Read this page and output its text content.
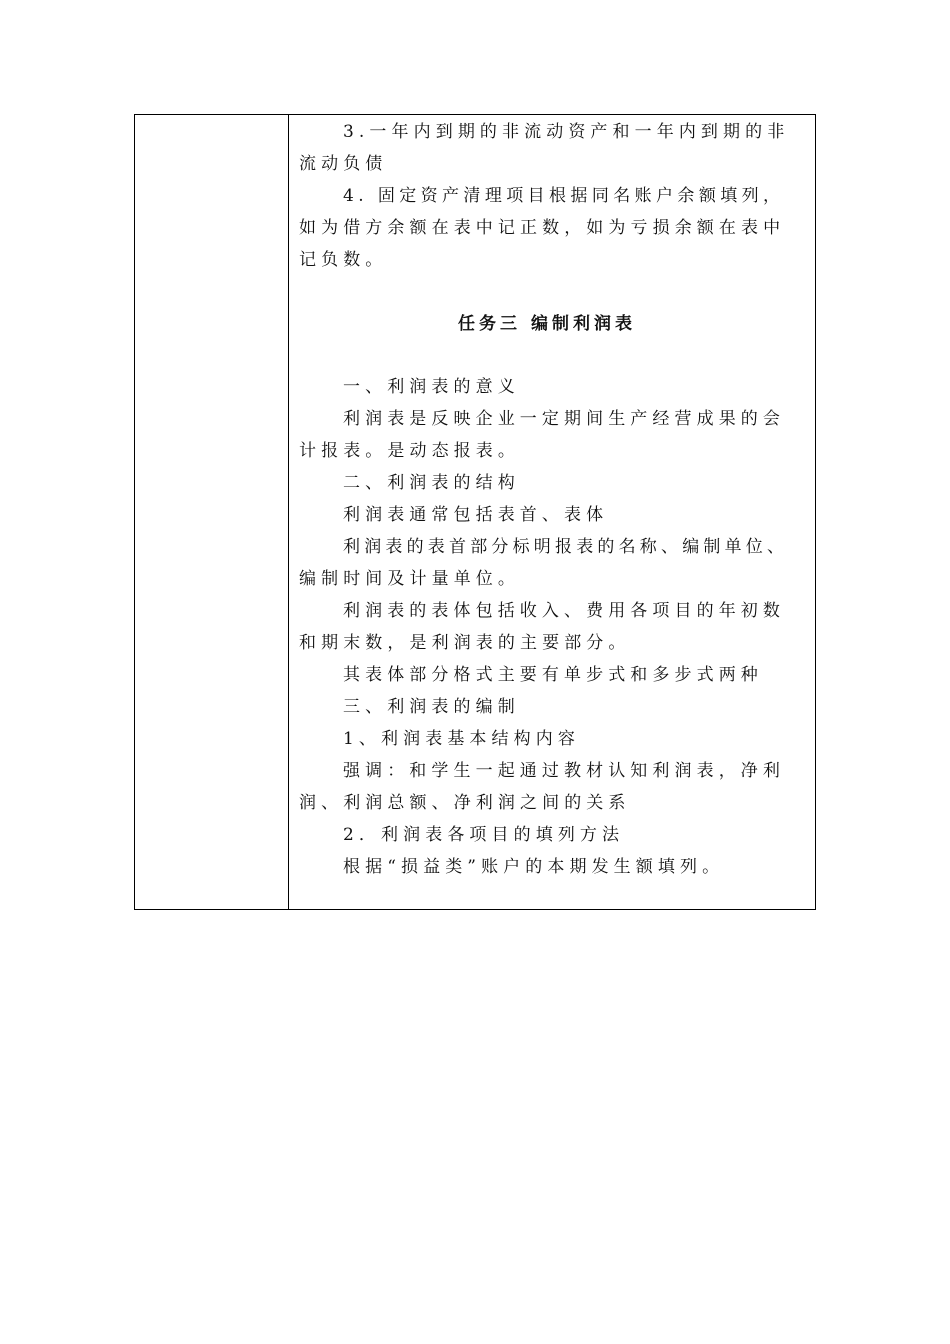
3.一年内到期的非流动资产和一年内到期的非
流动负债
4. 固定资产清理项目根据同名账户余额填列，
如为借方余额在表中记正数，如为亏损余额在表中
记负数。
任务三 编制利润表
一、利润表的意义
利润表是反映企业一定期间生产经营成果的会
计报表。是动态报表。
二、利润表的结构
利润表通常包括表首、表体
利润表的表首部分标明报表的名称、编制单位、
编制时间及计量单位。
利润表的表体包括收入、费用各项目的年初数
和期末数，是利润表的主要部分。
其表体部分格式主要有单步式和多步式两种
三、利润表的编制
1、利润表基本结构内容
强调：和学生一起通过教材认知利润表，净利
润、利润总额、净利润之间的关系
2．利润表各项目的填列方法
根据“损益类”账户的本期发生额填列。
